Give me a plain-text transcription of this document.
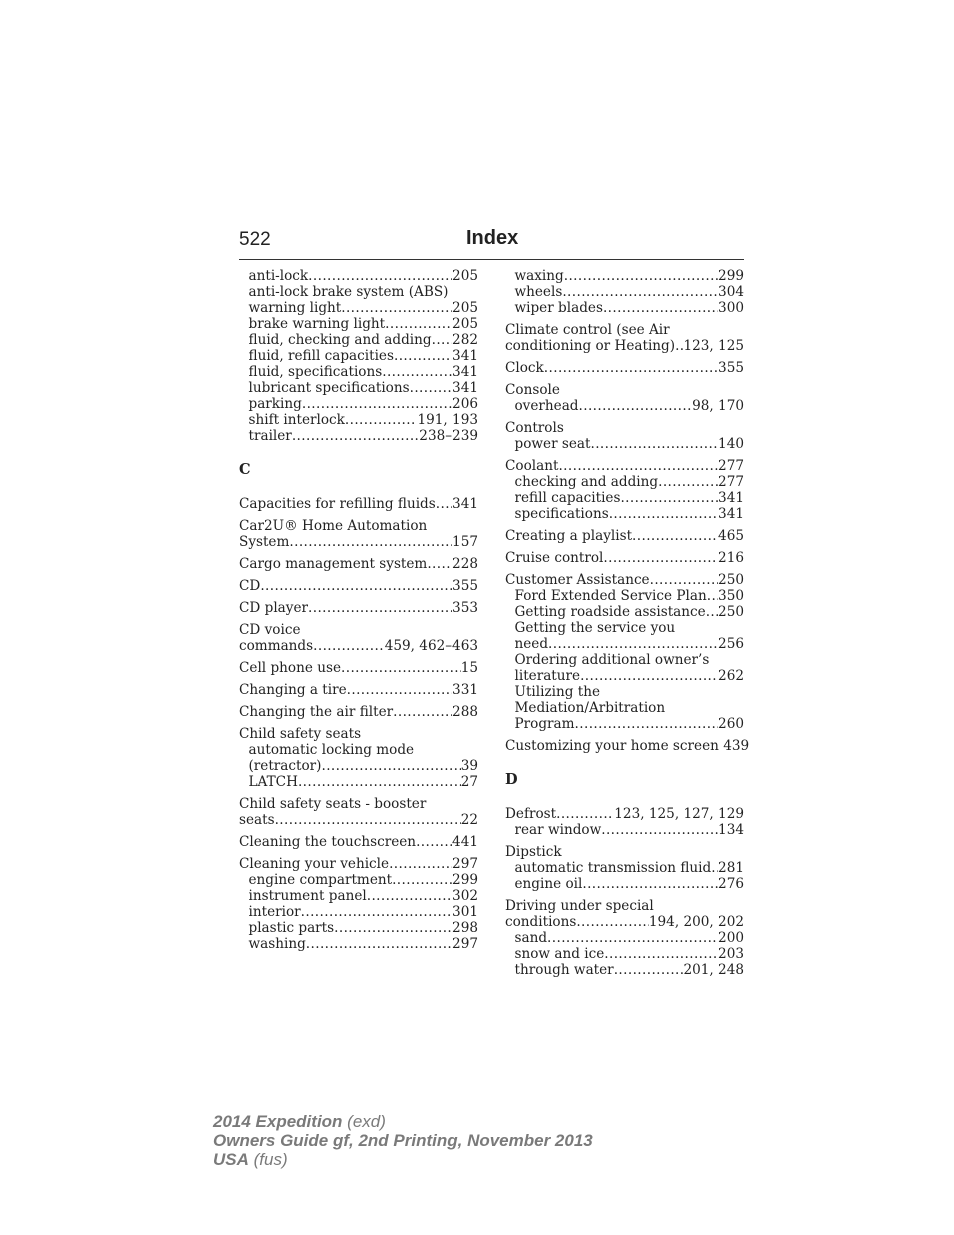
522	Index
anti-lock .....	205
anti-lock brake system (ABS)
warning light .....	205
brake warning light .....	205
fluid, checking and adding ..... 282
fluid, refill capacities .....	341
fluid, specifications .....	341
lubricant specifications .....	341
parking .....	206
shift interlock .....	191, 193
trailer .....	238–239
C
Capacities for refilling fluids ..... 341
Car2U® Home Automation
System .....	157
Cargo management system ..... 228
CD .....	355
CD player .....	353
CD voice
commands .....	459, 462–463
Cell phone use .....	15
Changing a tire .....	331
Changing the air filter .....	288
Child safety seats
automatic locking mode
(retractor) .....	39
LATCH .....	27
Child safety seats - booster
seats .....	22
Cleaning the touchscreen .....	441
Cleaning your vehicle .....	297
engine compartment .....	299
instrument panel .....	302
interior .....	301
plastic parts .....	298
washing .....	297
waxing .....	299
wheels .....	304
wiper blades .....	300
Climate control (see Air
conditioning or Heating) ..... 123, 125
Clock .....	355
Console
overhead .....	98, 170
Controls
power seat .....	140
Coolant .....	277
checking and adding .....	277
refill capacities .....	341
specifications .....	341
Creating a playlist .....	465
Cruise control .....	216
Customer Assistance .....	250
Ford Extended Service Plan ..... 350
Getting roadside assistance ..... 250
Getting the service you
need .....	256
Ordering additional owner’s
literature .....	262
Utilizing the
Mediation/Arbitration
Program .....	260
Customizing your home screen 439
D
Defrost .....	123, 125, 127, 129
rear window .....	134
Dipstick
automatic transmission fluid ..... 281
engine oil .....	276
Driving under special
conditions .....	194, 200, 202
sand .....	200
snow and ice .....	203
through water .....	201, 248
2014 Expedition (exd)
Owners Guide gf, 2nd Printing, November 2013
USA (fus)
